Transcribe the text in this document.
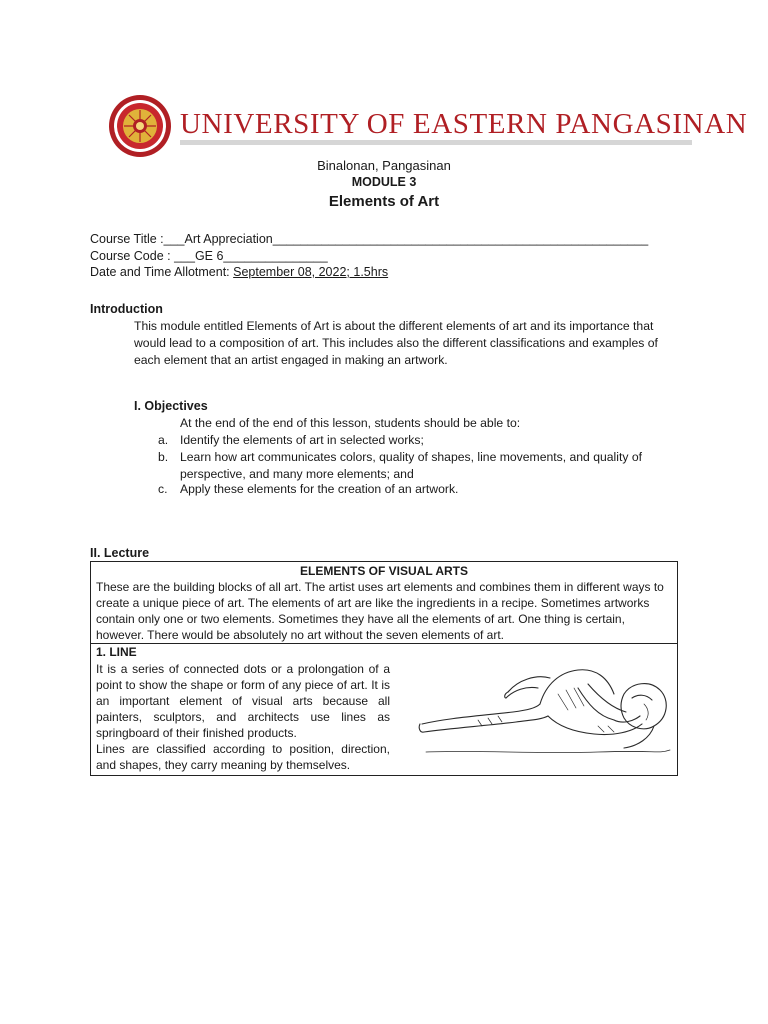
UNIVERSITY OF EASTERN PANGASINAN
Binalonan, Pangasinan
MODULE 3
Elements of Art
Course Title :___Art Appreciation______________________________________________________
Course Code : ___GE 6_______________
Date and Time Allotment: September 08, 2022; 1.5hrs
Introduction
This module entitled Elements of Art is about the different elements of art and its importance that would lead to a composition of art. This includes also the different classifications and examples of each element that an artist engaged in making an artwork.
I. Objectives
At the end of the end of this lesson, students should be able to:
a. Identify the elements of art in selected works;
b. Learn how art communicates colors, quality of shapes, line movements, and quality of perspective, and many more elements; and
c. Apply these elements for the creation of an artwork.
II. Lecture
ELEMENTS OF VISUAL ARTS
These are the building blocks of all art. The artist uses art elements and combines them in different ways to create a unique piece of art. The elements of art are like the ingredients in a recipe. Sometimes artworks contain only one or two elements. Sometimes they have all the elements of art. One thing is certain, however. There would be absolutely no art without the seven elements of art.
1. LINE
It is a series of connected dots or a prolongation of a point to show the shape or form of any piece of art. It is an important element of visual arts because all painters, sculptors, and architects use lines as springboard of their finished products.
Lines are classified according to position, direction, and shapes, they carry meaning by themselves.
